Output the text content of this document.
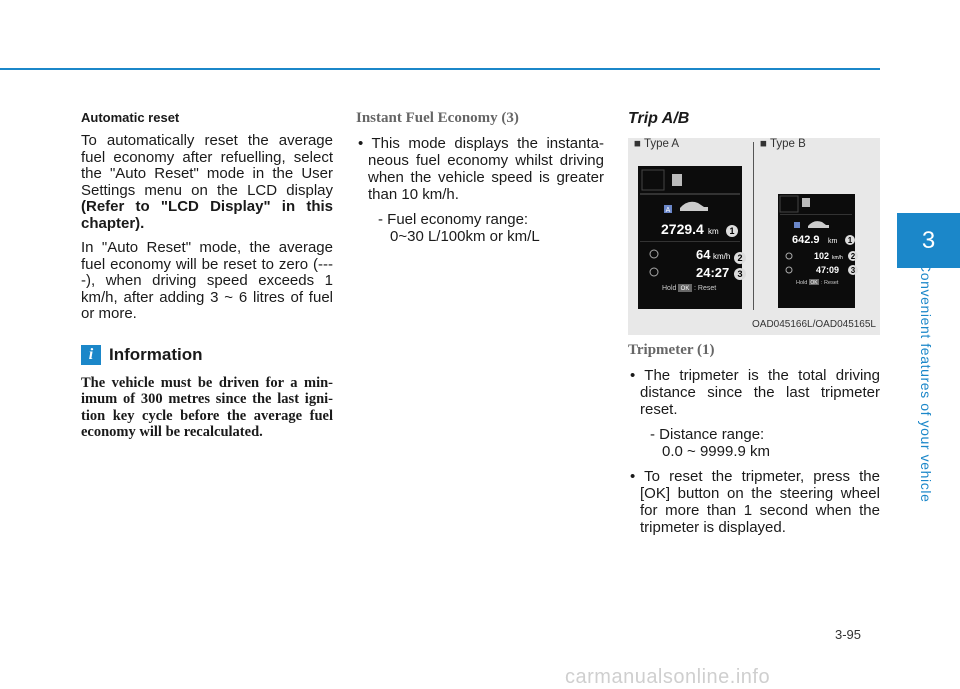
3
Convenient features of your vehicle

Automatic reset

To automatically reset the average fuel economy after refuelling, select the "Auto Reset" mode in the User Settings menu on the LCD display (Refer to "LCD Display" in this chapter).

In "Auto Reset" mode, the average fuel economy will be reset to zero (----), when driving speed exceeds 1 km/h, after adding 3 ~ 6 litres of fuel or more.

i Information
The vehicle must be driven for a min-imum of 300 metres since the last igni-tion key cycle before the average fuel economy will be recalculated.

Instant Fuel Economy (3)

• This mode displays the instanta-neous fuel economy whilst driving when the vehicle speed is greater than 10 km/h.

- Fuel economy range:
0~30 L/100km or km/L

Trip A/B

■ Type A	■ Type B
A
2729.4 km 1
64 km/h 2
24:27 3
Hold OK : Reset
642.9 km 1
102 km/h 2
47:09 3
Hold OK : Reset
OAD045166L/OAD045165L

Tripmeter (1)

• The tripmeter is the total driving distance since the last tripmeter reset.

- Distance range:
0.0 ~ 9999.9 km

• To reset the tripmeter, press the [OK] button on the steering wheel for more than 1 second when the tripmeter is displayed.

3-95
carmanualsonline.info
